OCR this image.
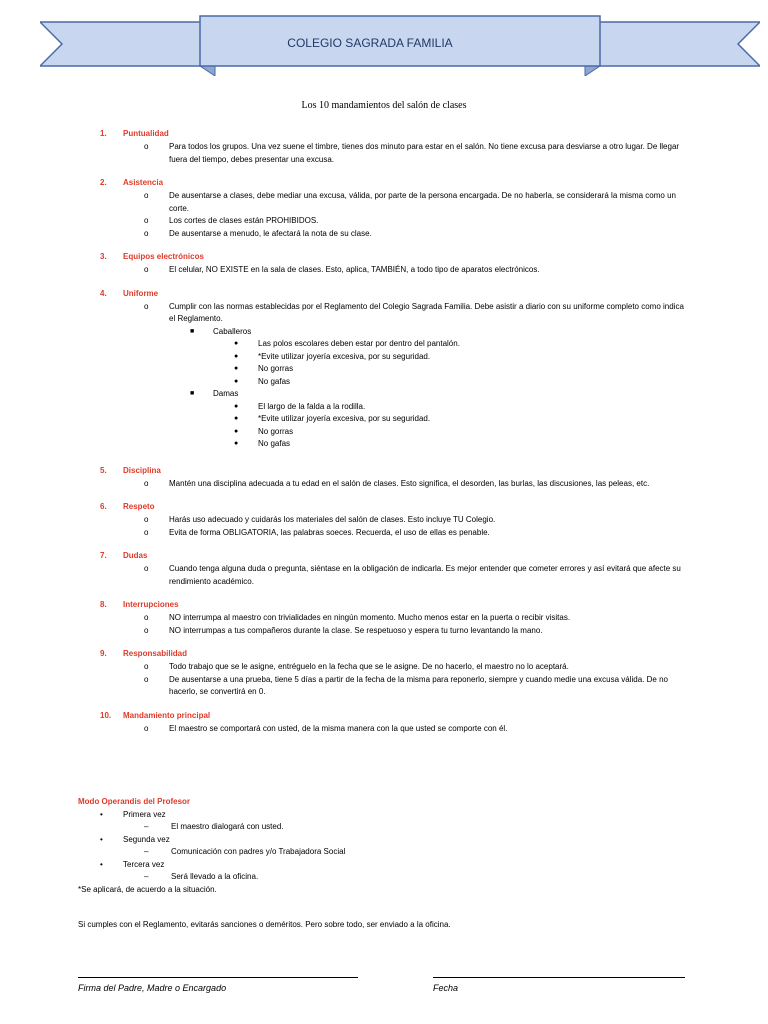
COLEGIO SAGRADA FAMILIA
Los 10 mandamientos del salón de clases
1.	Puntualidad
o	Para todos los grupos. Una vez suene el timbre, tienes dos minuto para estar en el salón. No tiene excusa para desviarse a otro lugar. De llegar fuera del tiempo, debes presentar una excusa.
2.	Asistencia
o	De ausentarse a clases, debe mediar una excusa, válida, por parte de la persona encargada. De no haberla, se considerará la misma como un corte.
o	Los cortes de clases están PROHIBIDOS.
o	De ausentarse a menudo, le afectará la nota de su clase.
3.	Equipos electrónicos
o	El celular, NO EXISTE en la sala de clases. Esto, aplica, TAMBIÉN, a todo tipo de aparatos electrónicos.
4.	Uniforme
o	Cumplir con las normas establecidas por el Reglamento del Colegio Sagrada Familia. Debe asistir a diario con su uniforme completo como indica el Reglamento.
■ Caballeros
● Las polos escolares deben estar por dentro del pantalón.
● *Evite utilizar joyería excesiva, por su seguridad.
● No gorras
● No gafas
■ Damas
● El largo de la falda a la rodilla.
● *Evite utilizar joyería excesiva, por su seguridad.
● No gorras
● No gafas
5.	Disciplina
o	Mantén una disciplina adecuada a tu edad en el salón de clases. Esto significa, el desorden, las burlas, las discusiones, las peleas, etc.
6.	Respeto
o	Harás uso adecuado y cuidarás los materiales del salón de clases. Esto incluye TU Colegio.
o	Evita de forma OBLIGATORIA, las palabras soeces. Recuerda, el uso de ellas es penable.
7.	Dudas
o	Cuando tenga alguna duda o pregunta, siéntase en la obligación de indicarla. Es mejor entender que cometer errores y así evitará que afecte su rendimiento académico.
8.	Interrupciones
o	NO interrumpa al maestro con trivialidades en ningún momento. Mucho menos estar en la puerta o recibir visitas.
o	NO interrumpas a tus compañeros durante la clase. Se respetuoso y espera tu turno levantando la mano.
9.	Responsabilidad
o	Todo trabajo que se le asigne, entréguelo en la fecha que se le asigne. De no hacerlo, el maestro no lo aceptará.
o	De ausentarse a una prueba, tiene 5 días a partir de la fecha de la misma para reponerlo, siempre y cuando medie una excusa válida. De no hacerlo, se convertirá en 0.
10.	Mandamiento principal
o	El maestro se comportará con usted, de la misma manera con la que usted se comporte con él.
Modo Operandis del Profesor
•	Primera vez
–	El maestro dialogará con usted.
•	Segunda vez
–	Comunicación con padres y/o Trabajadora Social
•	Tercera vez
–	Será llevado a la oficina.
*Se aplicará, de acuerdo a la situación.
Si cumples con el Reglamento, evitarás sanciones o deméritos. Pero sobre todo, ser enviado a la oficina.
Firma del Padre, Madre o Encargado	Fecha
